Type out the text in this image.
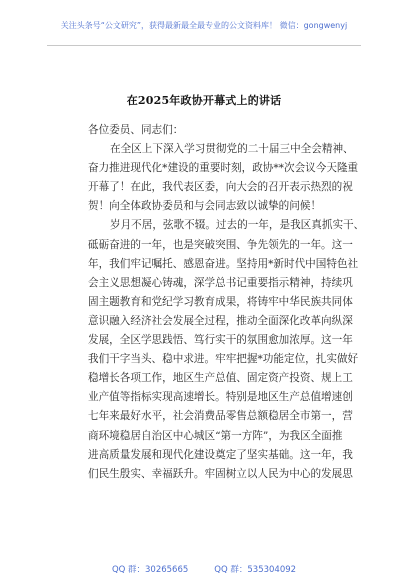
关注头条号“公文研究”，获得最新最全最专业的公文资料库！ 微信：gongwenyj
在2025年政协开幕式上的讲话
各位委员、同志们：
在全区上下深入学习贯彻党的二十届三中全会精神、
奋力推进现代化*建设的重要时刻，政协**次会议今天隆重
开幕了！在此，我代表区委，向大会的召开表示热烈的祝
贺！向全体政协委员和与会同志致以诚挚的问候！
岁月不居，弦歌不辍。过去的一年，是我区真抓实干、
砥砺奋进的一年，也是突破突围、争先领先的一年。这一
年，我们牢记嘱托、感恩奋进。坚持用*新时代中国特色社
会主义思想凝心铸魂，深学总书记重要指示精神，持续巩
固主题教育和党纪学习教育成果，将铸牢中华民族共同体
意识融入经济社会发展全过程，推动全面深化改革向纵深
发展，全区学思践悟、笃行实干的氛围愈加浓厚。这一年
我们干字当头、稳中求进。牢牢把握*功能定位，扎实做好
稳增长各项工作，地区生产总值、固定资产投资、规上工
业产值等指标实现高速增长。特别是地区生产总值增速创
七年来最好水平，社会消费品零售总额稳居全市第一，营
商环境稳居自治区中心城区“第一方阵”，为我区全面推
进高质量发展和现代化建设奠定了坚实基础。这一年，我
们民生殷实、幸福跃升。牢固树立以人民为中心的发展思
QQ 群：30265665	QQ 群：535304092
